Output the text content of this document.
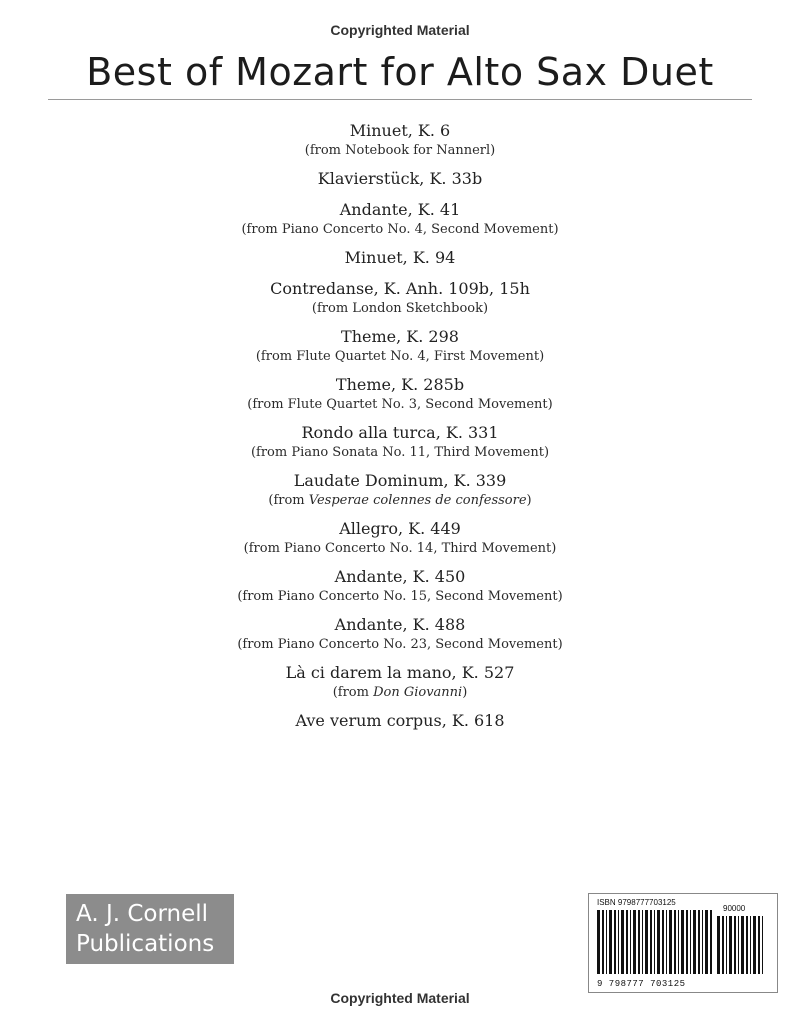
Copyrighted Material
Best of Mozart for Alto Sax Duet
Minuet, K. 6
(from Notebook for Nannerl)
Klavierstück, K. 33b
Andante, K. 41
(from Piano Concerto No. 4, Second Movement)
Minuet, K. 94
Contredanse, K. Anh. 109b, 15h
(from London Sketchbook)
Theme, K. 298
(from Flute Quartet No. 4, First Movement)
Theme, K. 285b
(from Flute Quartet No. 3, Second Movement)
Rondo alla turca, K. 331
(from Piano Sonata No. 11, Third Movement)
Laudate Dominum, K. 339
(from Vesperae colennes de confessore)
Allegro, K. 449
(from Piano Concerto No. 14, Third Movement)
Andante, K. 450
(from Piano Concerto No. 15, Second Movement)
Andante, K. 488
(from Piano Concerto No. 23, Second Movement)
Là ci darem la mano, K. 527
(from Don Giovanni)
Ave verum corpus, K. 618
A. J. Cornell
Publications
ISBN 9798777703125
90000
9 798777 703125
Copyrighted Material
